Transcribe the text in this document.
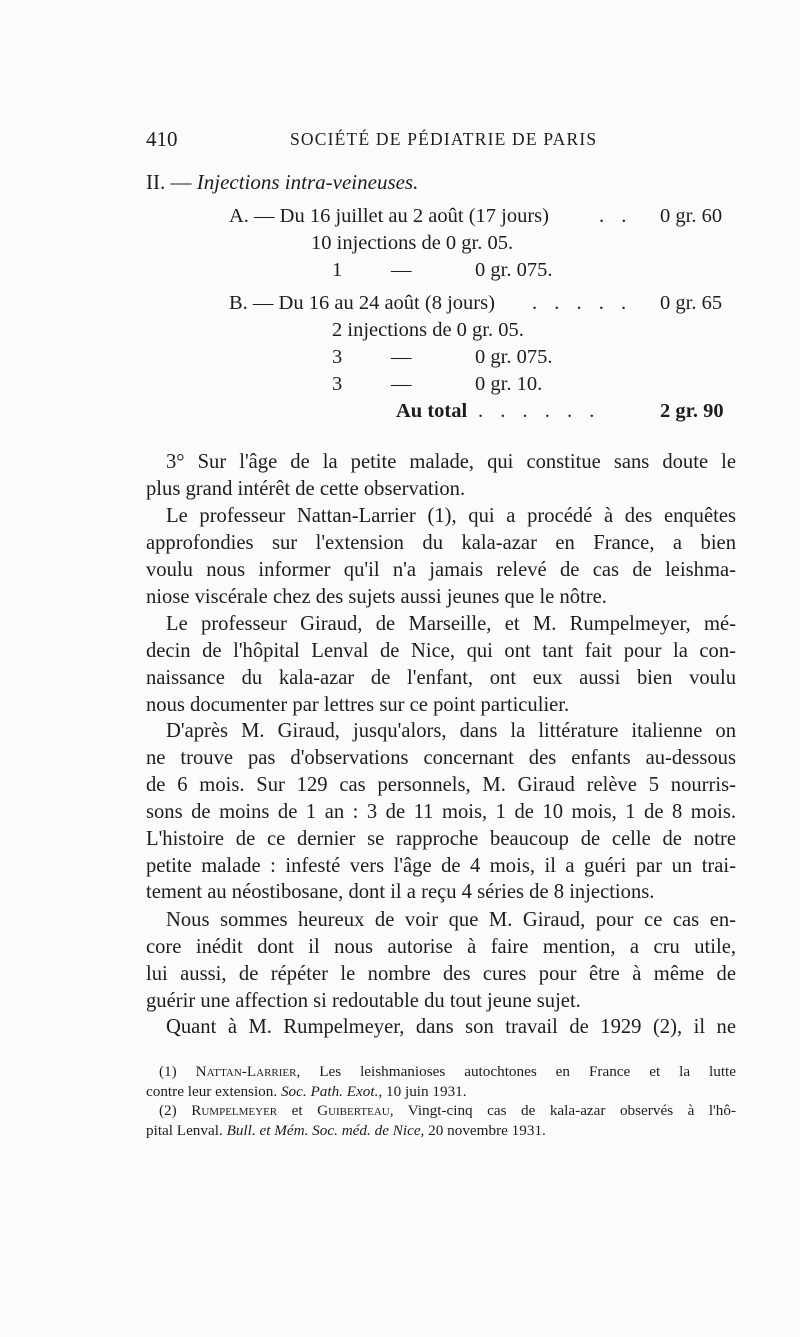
410	SOCIÉTÉ DE PÉDIATRIE DE PARIS
II. — Injections intra-veineuses.
A. — Du 16 juillet au 2 août (17 jours) . . 0 gr. 60
10 injections de 0 gr. 05.
1 —	0 gr. 075.
B. — Du 16 au 24 août (8 jours) . . . . . 0 gr. 65
2 injections de 0 gr. 05.
3 —	0 gr. 075.
3 —	0 gr. 10.
Au total . . . . . .	2 gr. 90
3° Sur l'âge de la petite malade, qui constitue sans doute le
plus grand intérêt de cette observation.
Le professeur Nattan-Larrier (1), qui a procédé à des enquêtes
approfondies sur l'extension du kala-azar en France, a bien
voulu nous informer qu'il n'a jamais relevé de cas de leishma-
niose viscérale chez des sujets aussi jeunes que le nôtre.
Le professeur Giraud, de Marseille, et M. Rumpelmeyer, mé-
decin de l'hôpital Lenval de Nice, qui ont tant fait pour la con-
naissance du kala-azar de l'enfant, ont eux aussi bien voulu
nous documenter par lettres sur ce point particulier.
D'après M. Giraud, jusqu'alors, dans la littérature italienne on
ne trouve pas d'observations concernant des enfants au-dessous
de 6 mois. Sur 129 cas personnels, M. Giraud relève 5 nourris-
sons de moins de 1 an : 3 de 11 mois, 1 de 10 mois, 1 de 8 mois.
L'histoire de ce dernier se rapproche beaucoup de celle de notre
petite malade : infesté vers l'âge de 4 mois, il a guéri par un trai-
tement au néostibosane, dont il a reçu 4 séries de 8 injections.
Nous sommes heureux de voir que M. Giraud, pour ce cas en-
core inédit dont il nous autorise à faire mention, a cru utile,
lui aussi, de répéter le nombre des cures pour être à même de
guérir une affection si redoutable du tout jeune sujet.
Quant à M. Rumpelmeyer, dans son travail de 1929 (2), il ne
(1) Nattan-Larrier, Les leishmanioses autochtones en France et la lutte
contre leur extension. Soc. Path. Exot., 10 juin 1931.
(2) Rumpelmeyer et Guiberteau, Vingt-cinq cas de kala-azar observés à l'hô-
pital Lenval. Bull. et Mém. Soc. méd. de Nice, 20 novembre 1931.
